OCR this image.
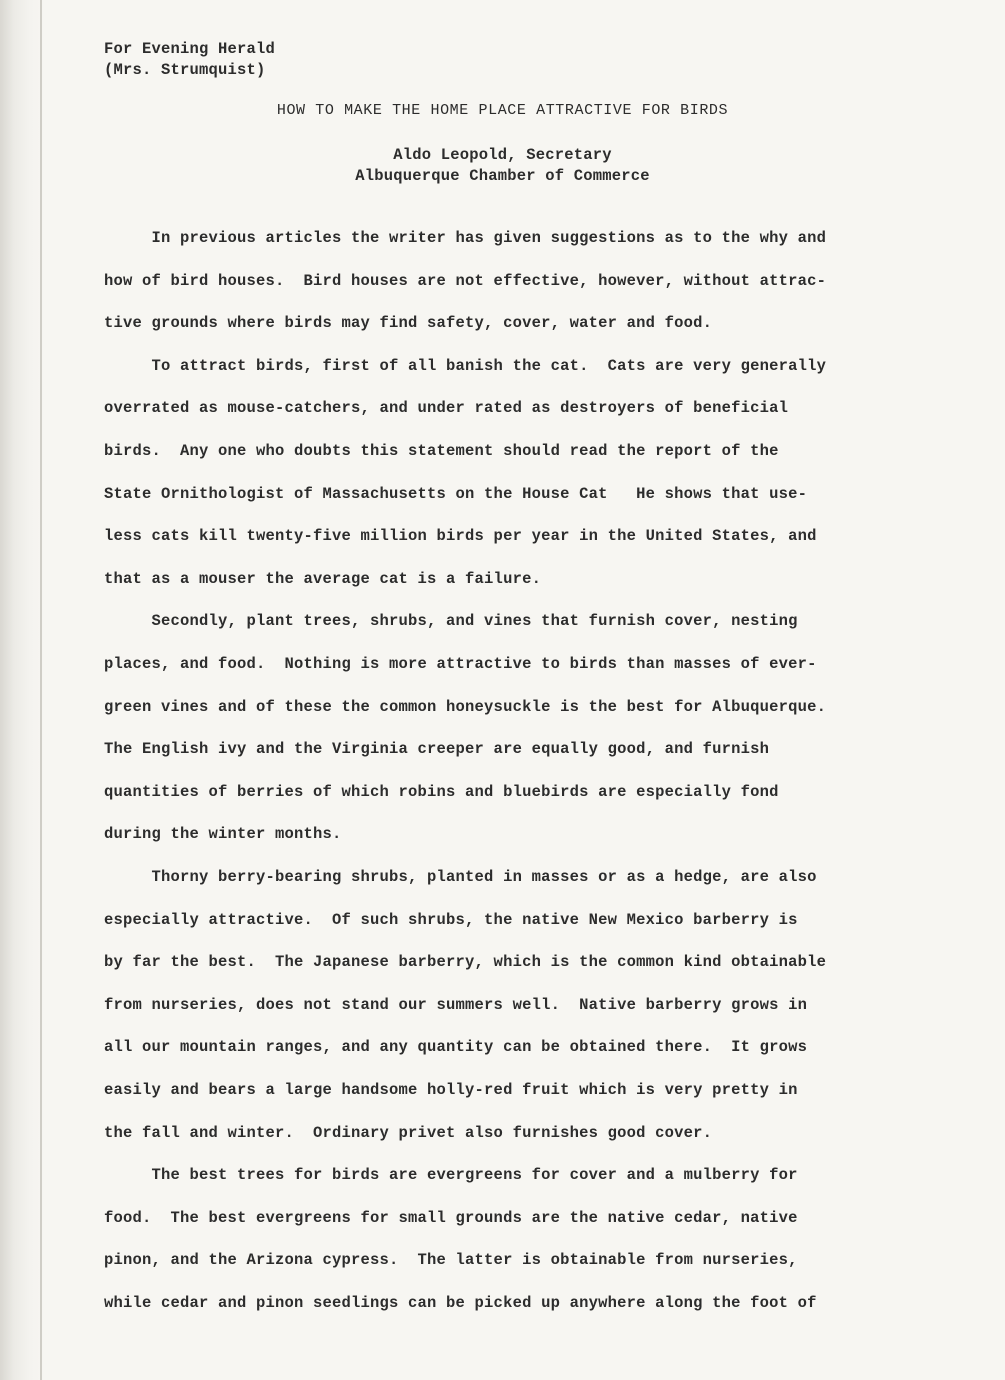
For Evening Herald
(Mrs. Strumquist)
HOW TO MAKE THE HOME PLACE ATTRACTIVE FOR BIRDS
Aldo Leopold, Secretary
Albuquerque Chamber of Commerce
In previous articles the writer has given suggestions as to the why and
how of bird houses.  Bird houses are not effective, however, without attrac-
tive grounds where birds may find safety, cover, water and food.
To attract birds, first of all banish the cat.  Cats are very generally
overrated as mouse-catchers, and under rated as destroyers of beneficial
birds.  Any one who doubts this statement should read the report of the
State Ornithologist of Massachusetts on the House Cat   He shows that use-
less cats kill twenty-five million birds per year in the United States, and
that as a mouser the average cat is a failure.
Secondly, plant trees, shrubs, and vines that furnish cover, nesting
places, and food.  Nothing is more attractive to birds than masses of ever-
green vines and of these the common honeysuckle is the best for Albuquerque.
The English ivy and the Virginia creeper are equally good, and furnish
quantities of berries of which robins and bluebirds are especially fond
during the winter months.
Thorny berry-bearing shrubs, planted in masses or as a hedge, are also
especially attractive.  Of such shrubs, the native New Mexico barberry is
by far the best.  The Japanese barberry, which is the common kind obtainable
from nurseries, does not stand our summers well.  Native barberry grows in
all our mountain ranges, and any quantity can be obtained there.  It grows
easily and bears a large handsome holly-red fruit which is very pretty in
the fall and winter.  Ordinary privet also furnishes good cover.
The best trees for birds are evergreens for cover and a mulberry for
food.  The best evergreens for small grounds are the native cedar, native
pinon, and the Arizona cypress.  The latter is obtainable from nurseries,
while cedar and pinon seedlings can be picked up anywhere along the foot of
